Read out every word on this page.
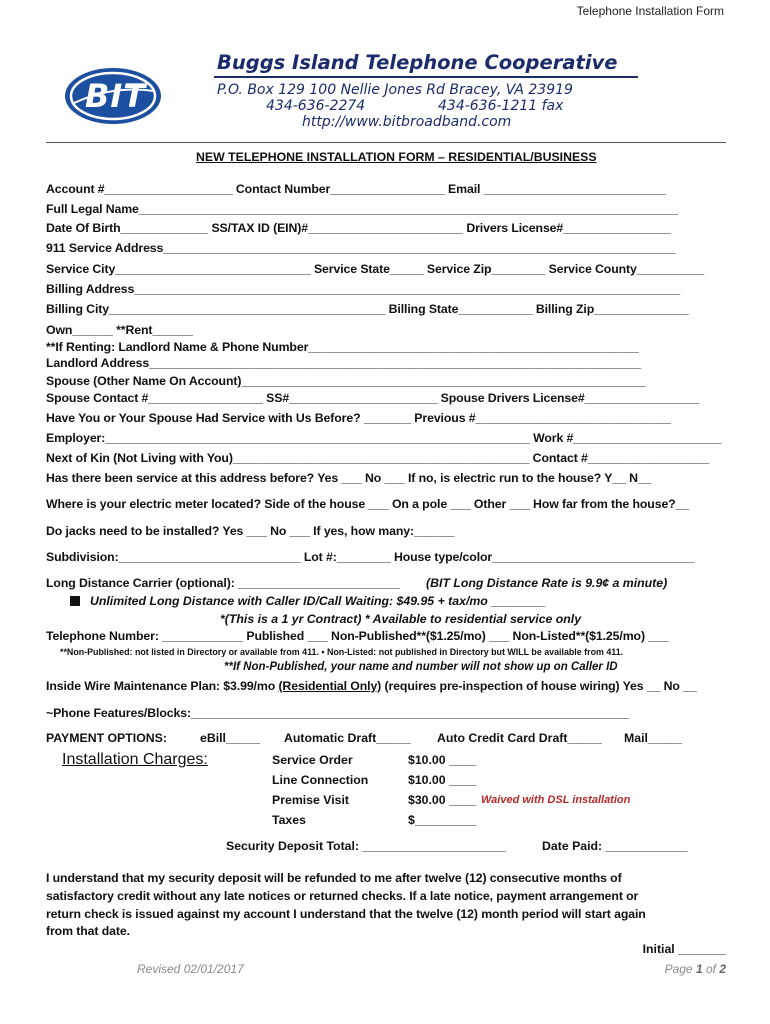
Telephone Installation Form
BIT
Buggs Island Telephone Cooperative
P.O. Box 129 100 Nellie Jones Rd Bracey, VA 23919
434-636-2274	434-636-1211 fax
http://www.bitbroadband.com
NEW TELEPHONE INSTALLATION FORM – RESIDENTIAL/BUSINESS
Account #___________________ Contact Number_________________ Email ___________________________
Full Legal Name________________________________________________________________________________
Date Of Birth_____________ SS/TAX ID (EIN)#_______________________ Drivers License#________________
911 Service Address____________________________________________________________________________
Service City_____________________________ Service State_____ Service Zip________ Service County__________
Billing Address_________________________________________________________________________________
Billing City_________________________________________ Billing State___________ Billing Zip______________
Own______ **Rent______
**If Renting: Landlord Name & Phone Number_________________________________________________
Landlord Address_________________________________________________________________________
Spouse (Other Name On Account)____________________________________________________________
Spouse Contact #_________________ SS#______________________ Spouse Drivers License#_________________
Have You or Your Spouse Had Service with Us Before? _______ Previous #_____________________________
Employer:_______________________________________________________________ Work #______________________
Next of Kin (Not Living with You)____________________________________________ Contact #__________________
Has there been service at this address before? Yes ___ No ___ If no, is electric run to the house? Y__ N__
Where is your electric meter located? Side of the house ___ On a pole ___ Other ___ How far from the house?__
Do jacks need to be installed? Yes ___ No ___ If yes, how many:______
Subdivision:___________________________ Lot #:________ House type/color______________________________
Long Distance Carrier (optional): ________________________ (BIT Long Distance Rate is 9.9¢ a minute)
Unlimited Long Distance with Caller ID/Call Waiting: $49.95 + tax/mo ________
*(This is a 1 yr Contract) * Available to residential service only
Telephone Number: ____________ Published ___ Non-Published**($1.25/mo) ___ Non-Listed**($1.25/mo) ___
**Non-Published: not listed in Directory or available from 411. • Non-Listed: not published in Directory but WILL be available from 411.
**If Non-Published, your name and number will not show up on Caller ID
Inside Wire Maintenance Plan: $3.99/mo (Residential Only) (requires pre-inspection of house wiring) Yes __ No __
~Phone Features/Blocks:_________________________________________________________________
PAYMENT OPTIONS:	eBill_____ Automatic Draft_____ Auto Credit Card Draft_____ Mail_____
Installation Charges:	Service Order	$10.00 ____
Line Connection	$10.00 ____
Premise Visit	$30.00 ____ Waived with DSL installation
Taxes	$_________
Security Deposit Total: _____________________	Date Paid: ____________
I understand that my security deposit will be refunded to me after twelve (12) consecutive months of
satisfactory credit without any late notices or returned checks. If a late notice, payment arrangement or
return check is issued against my account I understand that the twelve (12) month period will start again
from that date.
Initial _______
Revised 02/01/2017	Page 1 of 2
